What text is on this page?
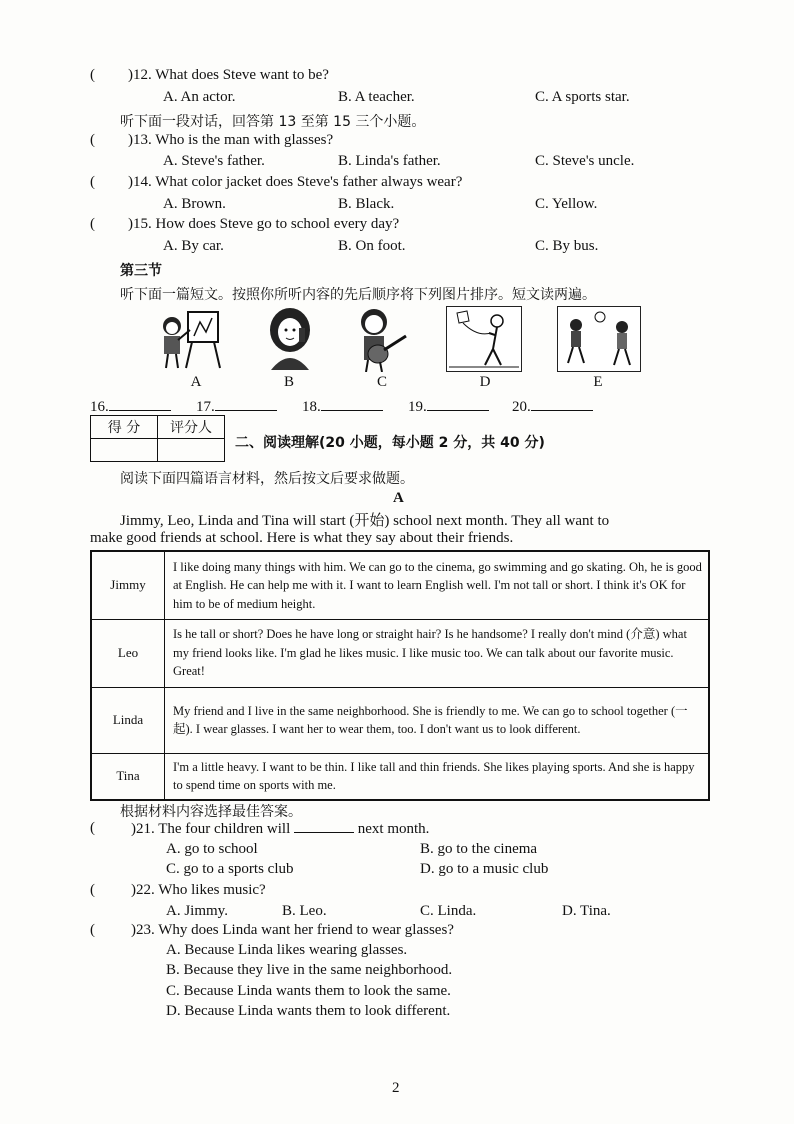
( )12. What does Steve want to be?
A. An actor.	B. A teacher.	C. A sports star.
听下面一段对话，回答第 13 至第 15 三个小题。
( )13. Who is the man with glasses?
A. Steve's father.	B. Linda's father.	C. Steve's uncle.
( )14. What color jacket does Steve's father always wear?
A. Brown.	B. Black.	C. Yellow.
( )15. How does Steve go to school every day?
A. By car.	B. On foot.	C. By bus.
第三节
听下面一篇短文。按照你所听内容的先后顺序将下列图片排序。短文读两遍。
A	B	C	D	E
16.	17.	18.	19.	20.
得 分	评分人

二、阅读理解(20 小题，每小题 2 分，共 40 分)
阅读下面四篇语言材料，然后按文后要求做题。
A
Jimmy, Leo, Linda and Tina will start (开始) school next month. They all want to
make good friends at school. Here is what they say about their friends.
Jimmy	I like doing many things with him. We can go to the cinema, go swimming and go skating. Oh, he is good at English. He can help me with it. I want to learn English well. I'm not tall or short. I think it's OK for him to be of medium height.
Leo	Is he tall or short? Does he have long or straight hair? Is he handsome? I really don't mind (介意) what my friend looks like. I'm glad he likes music. I like music too. We can talk about our favorite music. Great!
Linda	My friend and I live in the same neighborhood. She is friendly to me. We can go to school together (一起). I wear glasses. I want her to wear them, too. I don't want us to look different.
Tina	I'm a little heavy. I want to be thin. I like tall and thin friends. She likes playing sports. And she is happy to spend time on sports with me.
根据材料内容选择最佳答案。
( )21. The four children will	next month.
A. go to school	B. go to the cinema
C. go to a sports club	D. go to a music club
( )22. Who likes music?
A. Jimmy.	B. Leo.	C. Linda.	D. Tina.
( )23. Why does Linda want her friend to wear glasses?
A. Because Linda likes wearing glasses.
B. Because they live in the same neighborhood.
C. Because Linda wants them to look the same.
D. Because Linda wants them to look different.
2
